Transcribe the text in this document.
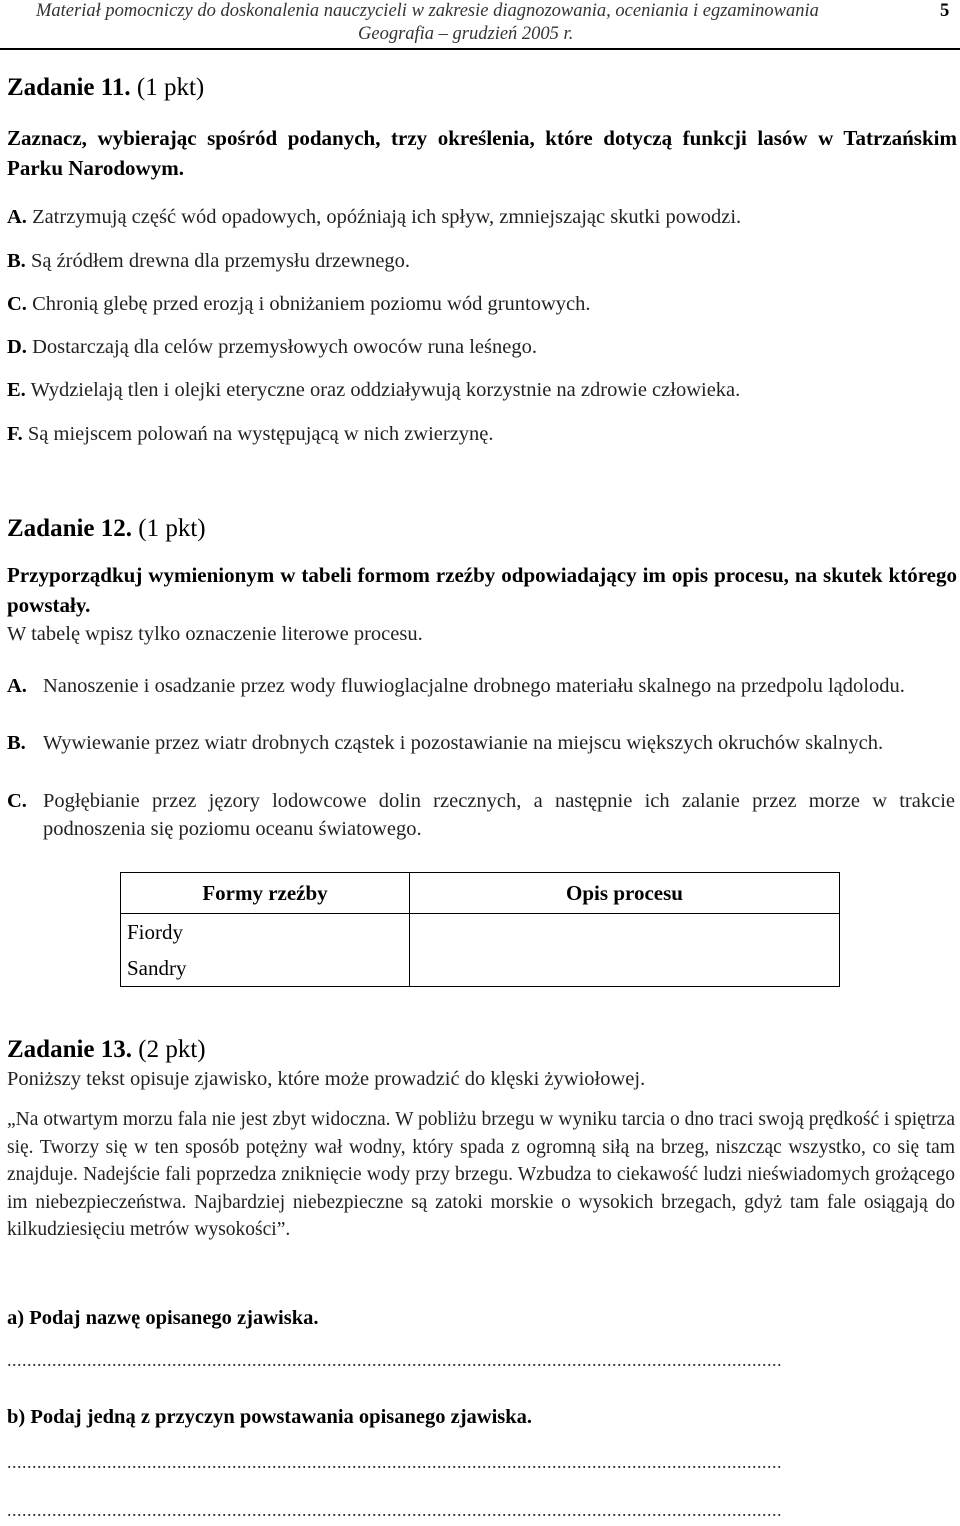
Materiał pomocniczy do doskonalenia nauczycieli w zakresie diagnozowania, oceniania i egzaminowania	5
Geografia – grudzień 2005 r.
Zadanie 11. (1 pkt)
Zaznacz, wybierając spośród podanych, trzy określenia, które dotyczą funkcji lasów w Tatrzańskim Parku Narodowym.
A. Zatrzymują część wód opadowych, opóźniają ich spływ, zmniejszając skutki powodzi.
B. Są źródłem drewna dla przemysłu drzewnego.
C. Chronią glebę przed erozją i obniżaniem poziomu wód gruntowych.
D. Dostarczają dla celów przemysłowych owoców runa leśnego.
E. Wydzielają tlen i olejki eteryczne oraz oddziaływują korzystnie na zdrowie człowieka.
F. Są miejscem polowań na występującą w nich zwierzynę.
Zadanie 12. (1 pkt)
Przyporządkuj wymienionym w tabeli formom rzeźby odpowiadający im opis procesu, na skutek którego powstały.
W tabelę wpisz tylko oznaczenie literowe procesu.
A. Nanoszenie i osadzanie przez wody fluwioglacjalne drobnego materiału skalnego na przedpolu lądolodu.
B. Wywiewanie przez wiatr drobnych cząstek i pozostawianie na miejscu większych okruchów skalnych.
C. Pogłębianie przez jęzory lodowcowe dolin rzecznych, a następnie ich zalanie przez morze w trakcie podnoszenia się poziomu oceanu światowego.
Formy rzeźby	Opis procesu

Fiordy
Sandry	

Zadanie 13. (2 pkt)
Poniższy tekst opisuje zjawisko, które może prowadzić do klęski żywiołowej.
„Na otwartym morzu fala nie jest zbyt widoczna. W pobliżu brzegu w wyniku tarcia o dno traci swoją prędkość i spiętrza się. Tworzy się w ten sposób potężny wał wodny, który spada z ogromną siłą na brzeg, niszcząc wszystko, co się tam znajduje. Nadejście fali poprzedza zniknięcie wody przy brzegu. Wzbudza to ciekawość ludzi nieświadomych grożącego im niebezpieczeństwa. Najbardziej niebezpieczne są zatoki morskie o wysokich brzegach, gdyż tam fale osiągają do kilkudziesięciu metrów wysokości”.
a) Podaj nazwę opisanego zjawiska.
...........................................................................................................................................................
b) Podaj jedną z przyczyn powstawania opisanego zjawiska.
...........................................................................................................................................................
...........................................................................................................................................................
